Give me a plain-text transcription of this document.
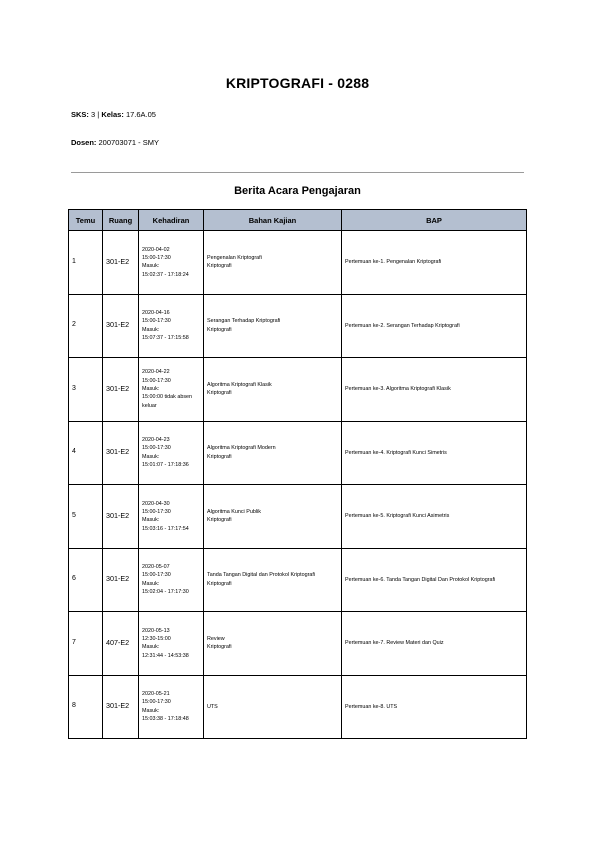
KRIPTOGRAFI - 0288
SKS: 3 | Kelas: 17.6A.05
Dosen: 200703071 - SMY
Berita Acara Pengajaran
Temu	Ruang	Kehadiran	Bahan Kajian	BAP
1	301-E2	2020-04-02
15:00-17:30
Masuk:
15:02:37 - 17:18:24	Pengenalan Kriptografi
Kriptografi	Pertemuan ke-1. Pengenalan Kriptografi
2	301-E2	2020-04-16
15:00-17:30
Masuk:
15:07:37 - 17:15:58	Serangan Terhadap Kriptografi
Kriptografi	Pertemuan ke-2. Serangan Terhadap Kriptografi
3	301-E2	2020-04-22
15:00-17:30
Masuk:
15:00:00 tidak absen keluar	Algoritma Kriptografi Klasik
Kriptografi	Pertemuan ke-3. Algoritma Kriptografi Klasik
4	301-E2	2020-04-23
15:00-17:30
Masuk:
15:01:07 - 17:18:36	Algoritma Kriptografi Modern
Kriptografi	Pertemuan ke-4. Kriptografi Kunci Simetris
5	301-E2	2020-04-30
15:00-17:30
Masuk:
15:03:16 - 17:17:54	Algoritma Kunci Publik
Kriptografi	Pertemuan ke-5. Kriptografi Kunci Asimetris
6	301-E2	2020-05-07
15:00-17:30
Masuk:
15:02:04 - 17:17:30	Tanda Tangan Digital dan Protokol Kriptografi
Kriptografi	Pertemuan ke-6. Tanda Tangan Digital Dan Protokol Kriptografi
7	407-E2	2020-05-13
12:30-15:00
Masuk:
12:31:44 - 14:53:38	Review
Kriptografi	Pertemuan ke-7. Review Materi dan Quiz
8	301-E2	2020-05-21
15:00-17:30
Masuk:
15:03:38 - 17:18:48	UTS	Pertemuan ke-8. UTS
